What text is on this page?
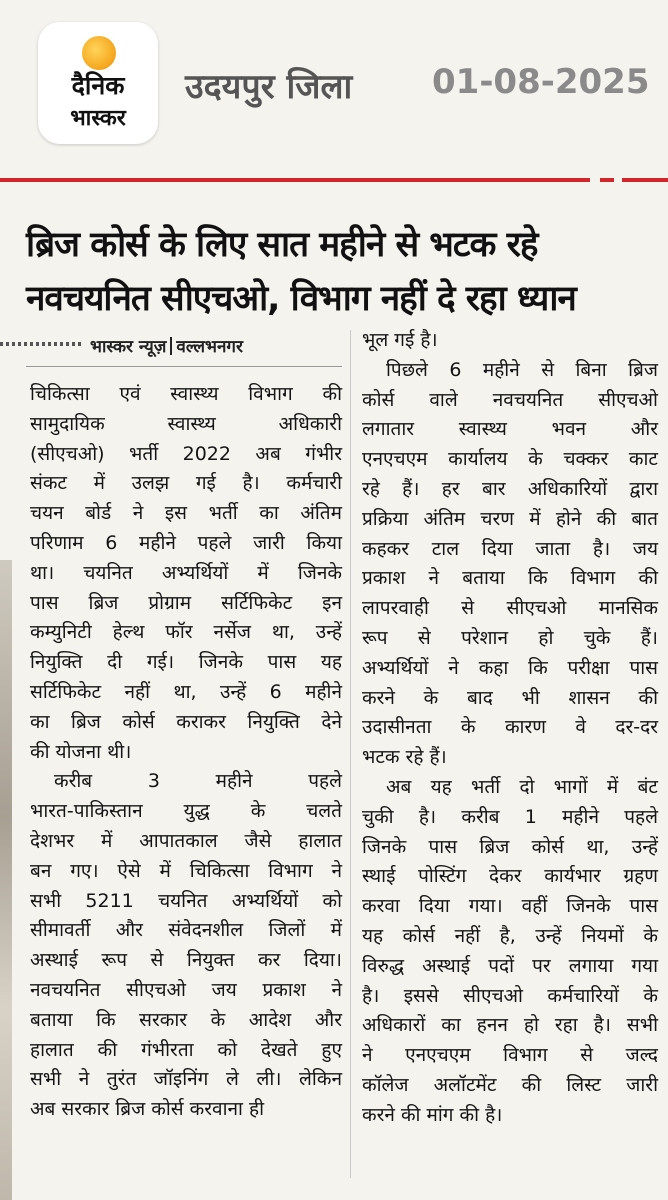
दैनिक
भास्कर
उदयपुर जिला 01-08-2025
ब्रिज कोर्स के लिए सात महीने से भटक रहे
नवचयनित सीएचओ, विभाग नहीं दे रहा ध्यान
भास्कर न्यूज़ वल्लभनगर
चिकित्सा एवं स्वास्थ्य विभाग की
सामुदायिक स्वास्थ्य अधिकारी
(सीएचओ) भर्ती 2022 अब गंभीर
संकट में उलझ गई है। कर्मचारी
चयन बोर्ड ने इस भर्ती का अंतिम
परिणाम 6 महीने पहले जारी किया
था। चयनित अभ्यर्थियों में जिनके
पास ब्रिज प्रोग्राम सर्टिफिकेट इन
कम्युनिटी हेल्थ फॉर नर्सेज था, उन्हें
नियुक्ति दी गई। जिनके पास यह
सर्टिफिकेट नहीं था, उन्हें 6 महीने
का ब्रिज कोर्स कराकर नियुक्ति देने
की योजना थी।
करीब 3 महीने पहले
भारत-पाकिस्तान युद्ध के चलते
देशभर में आपातकाल जैसे हालात
बन गए। ऐसे में चिकित्सा विभाग ने
सभी 5211 चयनित अभ्यर्थियों को
सीमावर्ती और संवेदनशील जिलों में
अस्थाई रूप से नियुक्त कर दिया।
नवचयनित सीएचओ जय प्रकाश ने
बताया कि सरकार के आदेश और
हालात की गंभीरता को देखते हुए
सभी ने तुरंत जॉइनिंग ले ली। लेकिन
अब सरकार ब्रिज कोर्स करवाना ही
भूल गई है।
पिछले 6 महीने से बिना ब्रिज
कोर्स वाले नवचयनित सीएचओ
लगातार स्वास्थ्य भवन और
एनएचएम कार्यालय के चक्कर काट
रहे हैं। हर बार अधिकारियों द्वारा
प्रक्रिया अंतिम चरण में होने की बात
कहकर टाल दिया जाता है। जय
प्रकाश ने बताया कि विभाग की
लापरवाही से सीएचओ मानसिक
रूप से परेशान हो चुके हैं।
अभ्यर्थियों ने कहा कि परीक्षा पास
करने के बाद भी शासन की
उदासीनता के कारण वे दर-दर
भटक रहे हैं।
अब यह भर्ती दो भागों में बंट
चुकी है। करीब 1 महीने पहले
जिनके पास ब्रिज कोर्स था, उन्हें
स्थाई पोस्टिंग देकर कार्यभार ग्रहण
करवा दिया गया। वहीं जिनके पास
यह कोर्स नहीं है, उन्हें नियमों के
विरुद्ध अस्थाई पदों पर लगाया गया
है। इससे सीएचओ कर्मचारियों के
अधिकारों का हनन हो रहा है। सभी
ने एनएचएम विभाग से जल्द
कॉलेज अलॉटमेंट की लिस्ट जारी
करने की मांग की है।
